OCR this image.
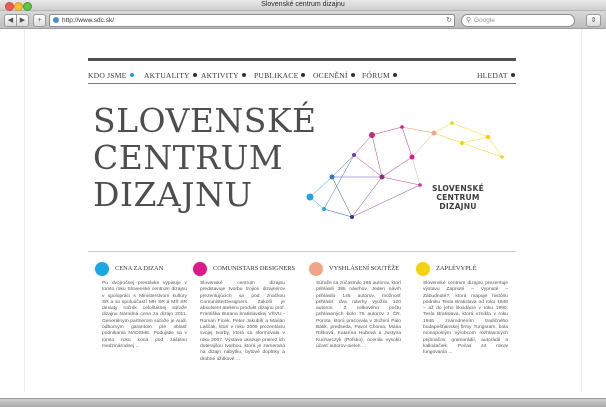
Slovenské centrum dizajnu
◀ ▶	+	http://www.sdc.sk/	↻ ⚲ Google	⇕
KDO JSME	AKTUALITY	AKTIVITY	PUBLIKACE	OCENĚNÍ	FÓRUM	HLEDAT
SLOVENSKÉ
CENTRUM
DIZAJNU	SLOVENSKÉ
CENTRUM
DIZAJNU
CENA ZA DIZAN
Po dvojročnej prestávke vypisuje v tomto roku Slovenské centrum dizajnu v spolupráci s Ministerstvom kultúry SR a so spoluúčasťí MH SR a MŠ SR desiaty ročník celoštátnej súťaže dizajnu Národná cena za dizajn 2011. Generálnym partnerom súťaže je Audi, odborným garantom pre oblasť podnikania NADSME. Podujatie sa v tomto roku koná pod záštitou medzinárodnej ...
COMUNISTARS DESIGNERS
Slovenské centrum dizajnu predstavuje tvorbu trojice dizajnérov prezentujúcich sa pod značkou ComunisterDesigners. Zakolíi je absolvent ateliéru produkt dizajnu prof. Františka Burana bratislavskej VŠVU - Roman Ficek, Peter Jakubík a Marián Laščák, ktorí v roku 2009 prezentáciu svojej tvorby, ktorá sa sformovala v roku 2007. Výstava ukazuje prierez ich doterajšou tvorbou, ktorá je zameraná na dizajn nábytku, bytové doplnky a drobné úžitkové ...
VYSHLÁSENÍ SOUTĚŽE
Súťaže sa zúčastnilo 265 autorov, ktorí prihlásili 395 návrhov. Jeden návrh prihlásilo 145 autorov, možnosť prihlásiť dva návrhy využilo 120 autorov. Z celkového počtu prihlásených bolo 76 autorov z ČR. Porota, ktorú pracovala v zložení Palo Bálik, predseda, Pavol Choma, Mária Rišková, Katarína Hubová a Justyna Kucharczyk (Poľsko), ocenila vysokú účasť autorov-nielen ...
ZAPLÉVYPLÉ
Slovenské centrum dizajnu prezentuje výstavu Zapnuté – Vypnuté – Zábudnuté?, ktorá mapuje históriu podniku Tesla Bratislava od roku 1946 – až do jeho likvidácie v roku 1990. Tesla Bratislava, ktorá vznikla v roku 1946 znárodnením tradičného budapešťianskej firmy Tungsram, bola monopolným výrobcom rozhlasových prijímačov, gramorádií, autorádií a kalkulačiek. Počas 44 rokov fungovania ...
